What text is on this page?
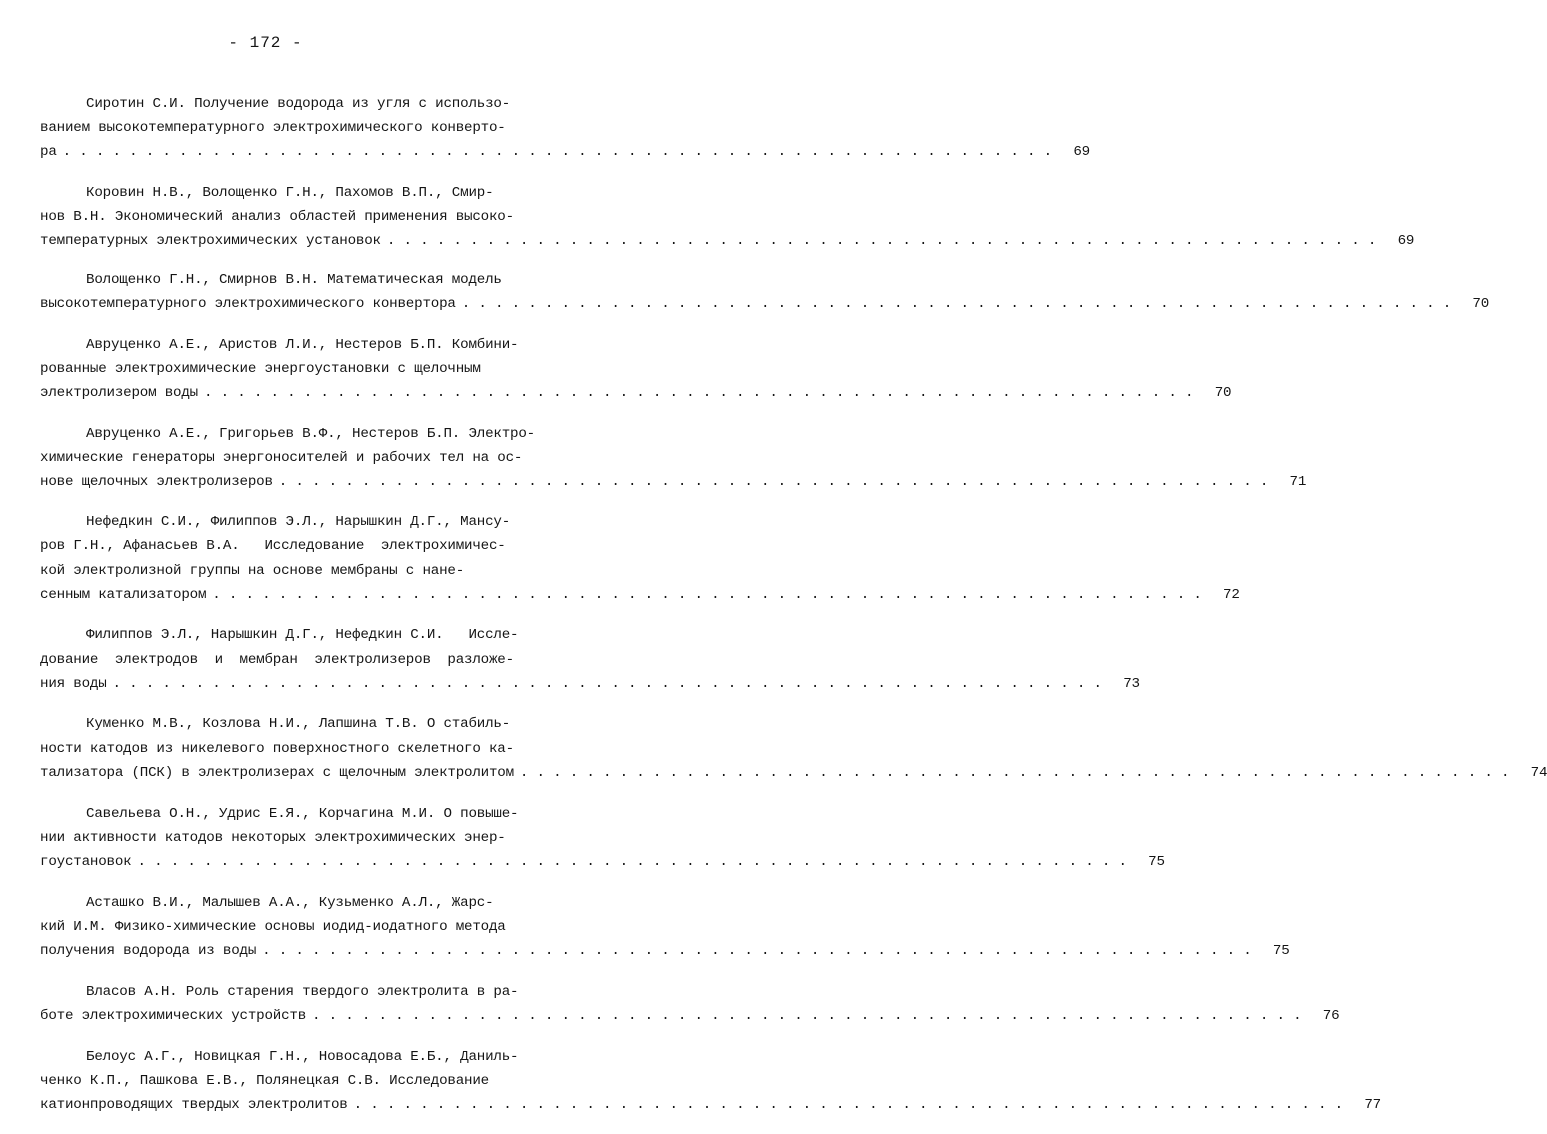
- 172 -
Сиротин С.И. Получение водорода из угля с использо-
ванием высокотемпературного электрохимического конверто-
ра . . . . . . . . . . . . . . . . . . . . . . . . . . . . . . . . . . . . . . . . . . . . . . . . . . . . . . . . . . . .	69
Коровин Н.В., Волощенко Г.Н., Пахомов В.П., Смир-
нов В.Н. Экономический анализ областей применения высоко-
температурных электрохимических установок . . . . . . . . . . . . . . . . . . . . . . . . . . . . . . . . . . . . . . . . . . . . . . . . . . . . . . . . . . . .	69
Волощенко Г.Н., Смирнов В.Н. Математическая модель
высокотемпературного электрохимического конвертора . . . . . . . . . . . . . . . . . . . . . . . . . . . . . . . . . . . . . . . . . . . . . . . . . . . . . . . . . . . .	70
Авруценко А.Е., Аристов Л.И., Нестеров Б.П. Комбини-
рованные электрохимические энергоустановки с щелочным
электролизером воды . . . . . . . . . . . . . . . . . . . . . . . . . . . . . . . . . . . . . . . . . . . . . . . . . . . . . . . . . . . .	70
Авруценко А.Е., Григорьев В.Ф., Нестеров Б.П. Электро-
химические генераторы энергоносителей и рабочих тел на ос-
нове щелочных электролизеров . . . . . . . . . . . . . . . . . . . . . . . . . . . . . . . . . . . . . . . . . . . . . . . . . . . . . . . . . . . .	71
Нефедкин С.И., Филиппов Э.Л., Нарышкин Д.Г., Мансу-
ров Г.Н., Афанасьев В.А.   Исследование  электрохимичес-
кой электролизной группы на основе мембраны с нане-
сенным катализатором . . . . . . . . . . . . . . . . . . . . . . . . . . . . . . . . . . . . . . . . . . . . . . . . . . . . . . . . . . . .	72
Филиппов Э.Л., Нарышкин Д.Г., Нефедкин С.И.   Иссле-
дование  электродов  и  мембран  электролизеров  разложе-
ния воды . . . . . . . . . . . . . . . . . . . . . . . . . . . . . . . . . . . . . . . . . . . . . . . . . . . . . . . . . . . .	73
Куменко М.В., Козлова Н.И., Лапшина Т.В. О стабиль-
ности катодов из никелевого поверхностного скелетного ка-
тализатора (ПСК) в электролизерах с щелочным электролитом . . . . . . . . . . . . . . . . . . . . . . . . . . . . . . . . . . . . . . . . . . . . . . . . . . . . . . . . . . . .	74
Савельева О.Н., Удрис Е.Я., Корчагина М.И. О повыше-
нии активности катодов некоторых электрохимических энер-
гоустановок . . . . . . . . . . . . . . . . . . . . . . . . . . . . . . . . . . . . . . . . . . . . . . . . . . . . . . . . . . . .	75
Асташко В.И., Малышев А.А., Кузьменко А.Л., Жарс-
кий И.М. Физико-химические основы иодид-иодатного метода
получения водорода из воды . . . . . . . . . . . . . . . . . . . . . . . . . . . . . . . . . . . . . . . . . . . . . . . . . . . . . . . . . . . .	75
Власов А.Н. Роль старения твердого электролита в ра-
боте электрохимических устройств . . . . . . . . . . . . . . . . . . . . . . . . . . . . . . . . . . . . . . . . . . . . . . . . . . . . . . . . . . . .	76
Белоус А.Г., Новицкая Г.Н., Новосадова Е.Б., Даниль-
ченко К.П., Пашкова Е.В., Полянецкая С.В. Исследование
катионпроводящих твердых электролитов . . . . . . . . . . . . . . . . . . . . . . . . . . . . . . . . . . . . . . . . . . . . . . . . . . . . . . . . . . . .	77
